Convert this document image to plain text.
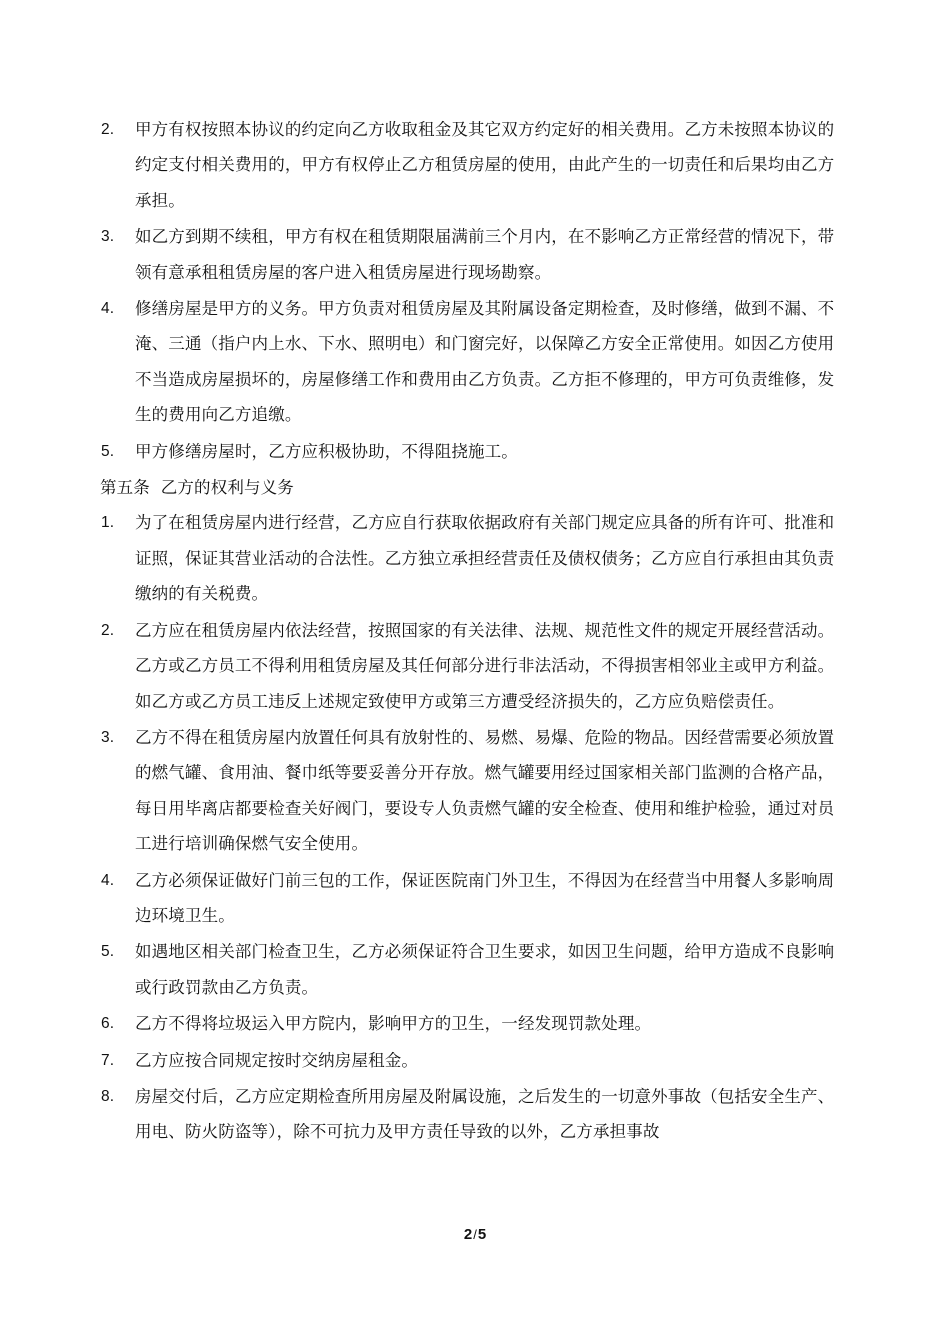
2. 甲方有权按照本协议的约定向乙方收取租金及其它双方约定好的相关费用。乙方未按照本协议的约定支付相关费用的，甲方有权停止乙方租赁房屋的使用，由此产生的一切责任和后果均由乙方承担。
3. 如乙方到期不续租，甲方有权在租赁期限届满前三个月内，在不影响乙方正常经营的情况下，带领有意承租租赁房屋的客户进入租赁房屋进行现场勘察。
4. 修缮房屋是甲方的义务。甲方负责对租赁房屋及其附属设备定期检查，及时修缮，做到不漏、不淹、三通（指户内上水、下水、照明电）和门窗完好，以保障乙方安全正常使用。如因乙方使用不当造成房屋损坏的，房屋修缮工作和费用由乙方负责。乙方拒不修理的，甲方可负责维修，发生的费用向乙方追缴。
5. 甲方修缮房屋时，乙方应积极协助，不得阻挠施工。
第五条  乙方的权利与义务
1. 为了在租赁房屋内进行经营，乙方应自行获取依据政府有关部门规定应具备的所有许可、批准和证照，保证其营业活动的合法性。乙方独立承担经营责任及债权债务；乙方应自行承担由其负责缴纳的有关税费。
2. 乙方应在租赁房屋内依法经营，按照国家的有关法律、法规、规范性文件的规定开展经营活动。乙方或乙方员工不得利用租赁房屋及其任何部分进行非法活动，不得损害相邻业主或甲方利益。如乙方或乙方员工违反上述规定致使甲方或第三方遭受经济损失的，乙方应负赔偿责任。
3. 乙方不得在租赁房屋内放置任何具有放射性的、易燃、易爆、危险的物品。因经营需要必须放置的燃气罐、食用油、餐巾纸等要妥善分开存放。燃气罐要用经过国家相关部门监测的合格产品，每日用毕离店都要检查关好阀门，要设专人负责燃气罐的安全检查、使用和维护检验，通过对员工进行培训确保燃气安全使用。
4. 乙方必须保证做好门前三包的工作，保证医院南门外卫生，不得因为在经营当中用餐人多影响周边环境卫生。
5. 如遇地区相关部门检查卫生，乙方必须保证符合卫生要求，如因卫生问题，给甲方造成不良影响或行政罚款由乙方负责。
6. 乙方不得将垃圾运入甲方院内，影响甲方的卫生，一经发现罚款处理。
7. 乙方应按合同规定按时交纳房屋租金。
8. 房屋交付后，乙方应定期检查所用房屋及附属设施，之后发生的一切意外事故（包括安全生产、用电、防火防盗等），除不可抗力及甲方责任导致的以外，乙方承担事故
2/5
